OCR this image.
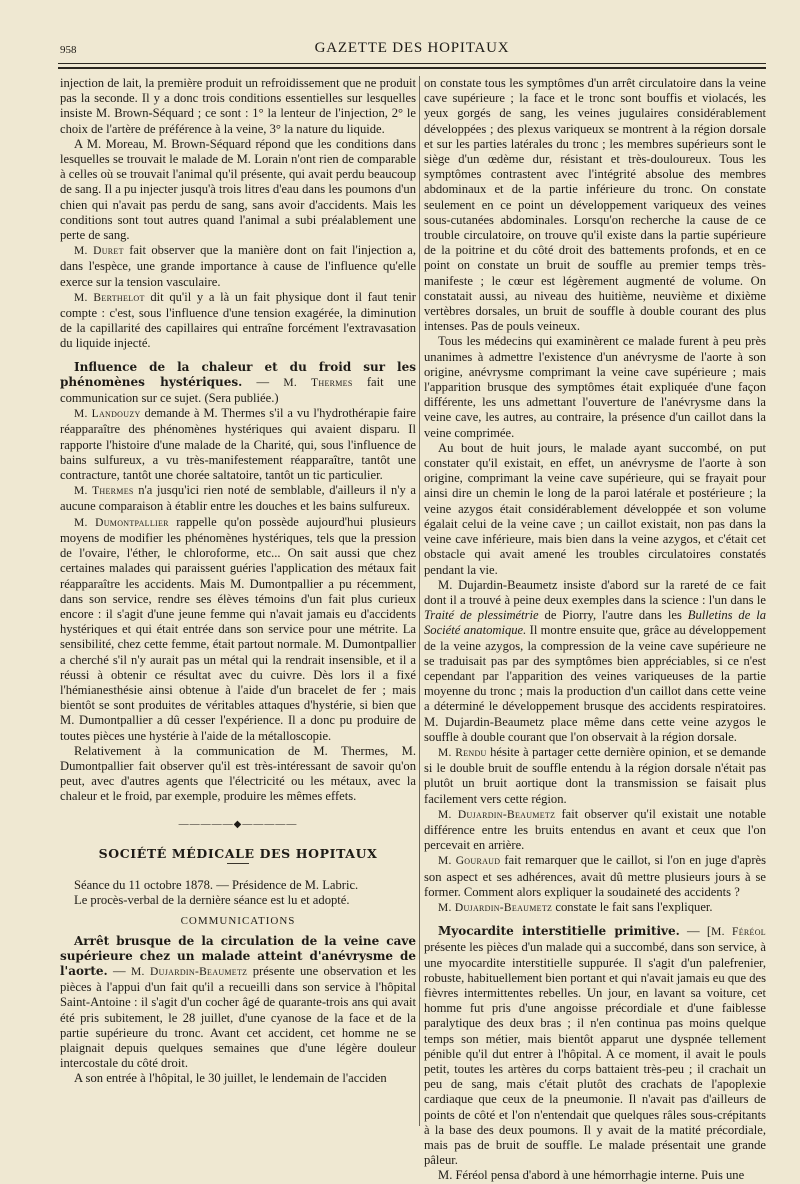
958	GAZETTE DES HOPITAUX

injection de lait, la première produit un refroidissement que ne produit pas la seconde. Il y a donc trois conditions essentielles sur lesquelles insiste M. Brown-Séquard ; ce sont : 1° la lenteur de l'injection, 2° le choix de l'artère de préférence à la veine, 3° la nature du liquide.

A M. Moreau, M. Brown-Séquard répond que les conditions dans lesquelles se trouvait le malade de M. Lorain n'ont rien de comparable à celles où se trouvait l'animal qu'il présente, qui avait perdu beaucoup de sang. Il a pu injecter jusqu'à trois litres d'eau dans les poumons d'un chien qui n'avait pas perdu de sang, sans avoir d'accidents. Mais les conditions sont tout autres quand l'animal a subi préalablement une perte de sang.

M. Duret fait observer que la manière dont on fait l'injection a, dans l'espèce, une grande importance à cause de l'influence qu'elle exerce sur la tension vasculaire.

M. Berthelot dit qu'il y a là un fait physique dont il faut tenir compte : c'est, sous l'influence d'une tension exagérée, la diminution de la capillarité des capillaires qui entraîne forcément l'extravasation du liquide injecté.

Influence de la chaleur et du froid sur les phénomènes hystériques. — M. Thermes fait une communication sur ce sujet. (Sera publiée.)

M. Landouzy demande à M. Thermes s'il a vu l'hydrothérapie faire réapparaître des phénomènes hystériques qui avaient disparu. Il rapporte l'histoire d'une malade de la Charité, qui, sous l'influence de bains sulfureux, a vu très-manifestement réapparaître, tantôt une contracture, tantôt une chorée saltatoire, tantôt un tic particulier.

M. Thermes n'a jusqu'ici rien noté de semblable, d'ailleurs il n'y a aucune comparaison à établir entre les douches et les bains sulfureux.

M. Dumontpallier rappelle qu'on possède aujourd'hui plusieurs moyens de modifier les phénomènes hystériques, tels que la pression de l'ovaire, l'éther, le chloroforme, etc... On sait aussi que chez certaines malades qui paraissent guéries l'application des métaux fait réapparaître les accidents. Mais M. Dumontpallier a pu récemment, dans son service, rendre ses élèves témoins d'un fait plus curieux encore : il s'agit d'une jeune femme qui n'avait jamais eu d'accidents hystériques et qui était entrée dans son service pour une métrite. La sensibilité, chez cette femme, était partout normale. M. Dumontpallier a cherché s'il n'y aurait pas un métal qui la rendrait insensible, et il a réussi à obtenir ce résultat avec du cuivre. Dès lors il a fixé l'hémianesthésie ainsi obtenue à l'aide d'un bracelet de fer ; mais bientôt se sont produites de véritables attaques d'hystérie, si bien que M. Dumontpallier a dû cesser l'expérience. Il a donc pu produire de toutes pièces une hystérie à l'aide de la métalloscopie.

Relativement à la communication de M. Thermes, M. Dumontpallier fait observer qu'il est très-intéressant de savoir qu'on peut, avec d'autres agents que l'électricité ou les métaux, avec la chaleur et le froid, par exemple, produire les mêmes effets.

—————◆—————
SOCIÉTÉ MÉDICALE DES HOPITAUX

Séance du 11 octobre 1878. — Présidence de M. Labric.

Le procès-verbal de la dernière séance est lu et adopté.

COMMUNICATIONS

Arrêt brusque de la circulation de la veine cave supérieure chez un malade atteint d'anévrysme de l'aorte. — M. Dujardin-Beaumetz présente une observation et les pièces à l'appui d'un fait qu'il a recueilli dans son service à l'hôpital Saint-Antoine : il s'agit d'un cocher âgé de quarante-trois ans qui avait été pris subitement, le 28 juillet, d'une cyanose de la face et de la partie supérieure du tronc. Avant cet accident, cet homme ne se plaignait depuis quelques semaines que d'une légère douleur intercostale du côté droit.

A son entrée à l'hôpital, le 30 juillet, le lendemain de l'acciden

on constate tous les symptômes d'un arrêt circulatoire dans la veine cave supérieure ; la face et le tronc sont bouffis et violacés, les yeux gorgés de sang, les veines jugulaires considérablement développées ; des plexus variqueux se montrent à la région dorsale et sur les parties latérales du tronc ; les membres supérieurs sont le siège d'un œdème dur, résistant et très-douloureux. Tous les symptômes contrastent avec l'intégrité absolue des membres abdominaux et de la partie inférieure du tronc. On constate seulement en ce point un développement variqueux des veines sous-cutanées abdominales. Lorsqu'on recherche la cause de ce trouble circulatoire, on trouve qu'il existe dans la partie supérieure de la poitrine et du côté droit des battements profonds, et en ce point on constate un bruit de souffle au premier temps très-manifeste ; le cœur est légèrement augmenté de volume. On constatait aussi, au niveau des huitième, neuvième et dixième vertèbres dorsales, un bruit de souffle à double courant des plus intenses. Pas de pouls veineux.

Tous les médecins qui examinèrent ce malade furent à peu près unanimes à admettre l'existence d'un anévrysme de l'aorte à son origine, anévrysme comprimant la veine cave supérieure ; mais l'apparition brusque des symptômes était expliquée d'une façon différente, les uns admettant l'ouverture de l'anévrysme dans la veine cave, les autres, au contraire, la présence d'un caillot dans la veine comprimée.

Au bout de huit jours, le malade ayant succombé, on put constater qu'il existait, en effet, un anévrysme de l'aorte à son origine, comprimant la veine cave supérieure, qui se frayait pour ainsi dire un chemin le long de la paroi latérale et postérieure ; la veine azygos était considérablement développée et son volume égalait celui de la veine cave ; un caillot existait, non pas dans la veine cave inférieure, mais bien dans la veine azygos, et c'était cet obstacle qui avait amené les troubles circulatoires constatés pendant la vie.

M. Dujardin-Beaumetz insiste d'abord sur la rareté de ce fait dont il a trouvé à peine deux exemples dans la science : l'un dans le Traité de plessimétrie de Piorry, l'autre dans les Bulletins de la Société anatomique. Il montre ensuite que, grâce au développement de la veine azygos, la compression de la veine cave supérieure ne se traduisait pas par des symptômes bien appréciables, si ce n'est cependant par l'apparition des veines variqueuses de la partie moyenne du tronc ; mais la production d'un caillot dans cette veine a déterminé le développement brusque des accidents respiratoires. M. Dujardin-Beaumetz place même dans cette veine azygos le souffle à double courant que l'on observait à la région dorsale.

M. Rendu hésite à partager cette dernière opinion, et se demande si le double bruit de souffle entendu à la région dorsale n'était pas plutôt un bruit aortique dont la transmission se faisait plus facilement vers cette région.

M. Dujardin-Beaumetz fait observer qu'il existait une notable différence entre les bruits entendus en avant et ceux que l'on percevait en arrière.

M. Gouraud fait remarquer que le caillot, si l'on en juge d'après son aspect et ses adhérences, avait dû mettre plusieurs jours à se former. Comment alors expliquer la soudaineté des accidents ?

M. Dujardin-Beaumetz constate le fait sans l'expliquer.

Myocardite interstitielle primitive. — [M. Féréol présente les pièces d'un malade qui a succombé, dans son service, à une myocardite interstitielle suppurée. Il s'agit d'un palefrenier, robuste, habituellement bien portant et qui n'avait jamais eu que des fièvres intermittentes rebelles. Un jour, en lavant sa voiture, cet homme fut pris d'une angoisse précordiale et d'une faiblesse paralytique des deux bras ; il n'en continua pas moins quelque temps son métier, mais bientôt apparut une dyspnée tellement pénible qu'il dut entrer à l'hôpital. A ce moment, il avait le pouls petit, toutes les artères du corps battaient très-peu ; il crachait un peu de sang, mais c'était plutôt des crachats de l'apoplexie cardiaque que ceux de la pneumonie. Il n'avait pas d'ailleurs de points de côté et l'on n'entendait que quelques râles sous-crépitants à la base des deux poumons. Il y avait de la matité précordiale, mais pas de bruit de souffle. Le malade présentait une grande pâleur.

M. Féréol pensa d'abord à une hémorrhagie interne. Puis une
